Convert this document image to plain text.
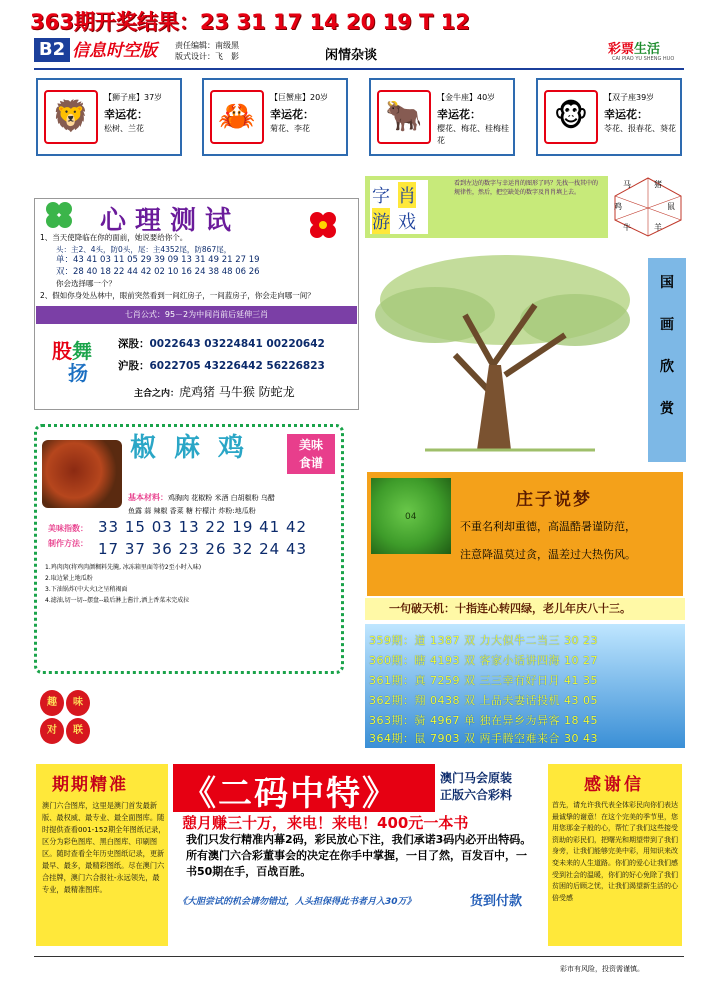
363期开奖结果：23 31 17 14 20 19 T 12
B2 信息时空版 责任编辑：南级黑
版式设计：飞　影	闲情杂谈	彩票生活
CAI PIAO YU SHENG HUO
🦁
【狮子座】37岁
幸运花：
松树、兰花	🦀
【巨蟹座】20岁
幸运花：
菊花、李花	🐂
【金牛座】40岁
幸运花：
樱花、梅花、桂梅桂花
🐵
【双子座39岁
幸运花：
苓花、报春花、葵花
心理测试
1、当天使降临在你的面前，她说要给你个。
头：主2、4头，防0头，尾：主4352尾，防867尾，
单：43 41 03 11 05 29 39 09 13 31 49 21 27 19
双：28 40 18 22 44 42 02 10 16 24 38 48 06 26
你会选择哪一个？
2、假如你身处丛林中，眼前突然看到一间红房子，一间蓝房子，你会走向哪一间？
七肖公式：95－2为中间肖前后延伸三肖
股舞
扬
深股：0022643 03224841 00220642
沪股：6022705 43226442 56226823
主合之内：虎鸡猪 马牛猴 防蛇龙
椒麻鸡	美味
食谱
基本材料：鸡胸肉 花椒粉 米酒 白胡椒粉 乌醋
鱼露 蒜 辣椒 香菜 糖 柠檬汁 炸粉:地瓜粉
美味指数： 33 15 03 13 22 19 41 42
制作方法： 17 37 36 23 26 32 24 43
1.鸡肉肉(将鸡肉颜稠料先腌, 冰冻箱里面等待2至小时入味)
2.取边紧上地瓜粉
3.下油锅炸(中大火)之呈稍褐面
4.滤油,切一切--摆盘--最后淋上酱汁,洒上香菜末完成拉
趣	味
对	联
字 肖
游 戏
看到左边的数字与幸运肖的图形了吗？先找一找其中的规律性，然后，把空缺处的数字及肖肖填上去。
马	猪
鼠
羊
牛
鸡
国
画
欣
赏
04
庄子说梦
不重名利却重德，高温酷暑谨防范，
注意降温莫过贪，温差过大热伤风。
一句破天机：十指连心转四绿，老儿年庆八十三。
359期：道 1387 双 力大似牛二当三 30 23
360期：瞎 4193 双 客家小话讲四海 10 27
361期：真 7259 双 三三幸有好日月 41 35
362期：翔 0438 双 上品夫妻话投机 43 05
363期：骑 4967 单 独在异乡为异客 18 45
364期：鼠 7903 双 两手腾空难来合 30 43
期期精准
澳门六合图库，这里是澳门首发最新版、最权威、最专业、最全面图库。随时提供查看001-152期全年图纸记录，区分为彩色图库、黑白图库、印刷图区。随时查看全年历史图纸记录，更新最早、最多，最精彩图纸。尽在澳门六合挂牌，澳门六合报社-永远领先，最专业，最精准图库。
《二码中特》	澳门马会原装
正版六合彩料
憩月赚三十万，来电！来电！400元一本书
我们只发行精准内幕2码，彩民放心下注，我们承诺3码内必开出特码。所有澳门六合彩董事会的决定在你手中掌握，一目了然，百发百中，一书50期在手，百战百胜。
《大胆尝试的机会请勿错过，人头担保得此书者月入30万》	货到付款
感谢信
首先，请允许我代表全体彩民向你们表达最诚挚的谢意！在这个完美的季节里，您用您那金子般的心，帮忙了我们这些接受资助的彩民们，把曙光和期望带到了我们身旁，让我们能够完美中彩，用知识来改变未来的人生道路。你们的爱心让我们感受到社会的温暖，你们的好心免除了我们贫困的后顾之忧，让我们渴望新生活的心倍受感
彩市有风险，投资需谨慎。
